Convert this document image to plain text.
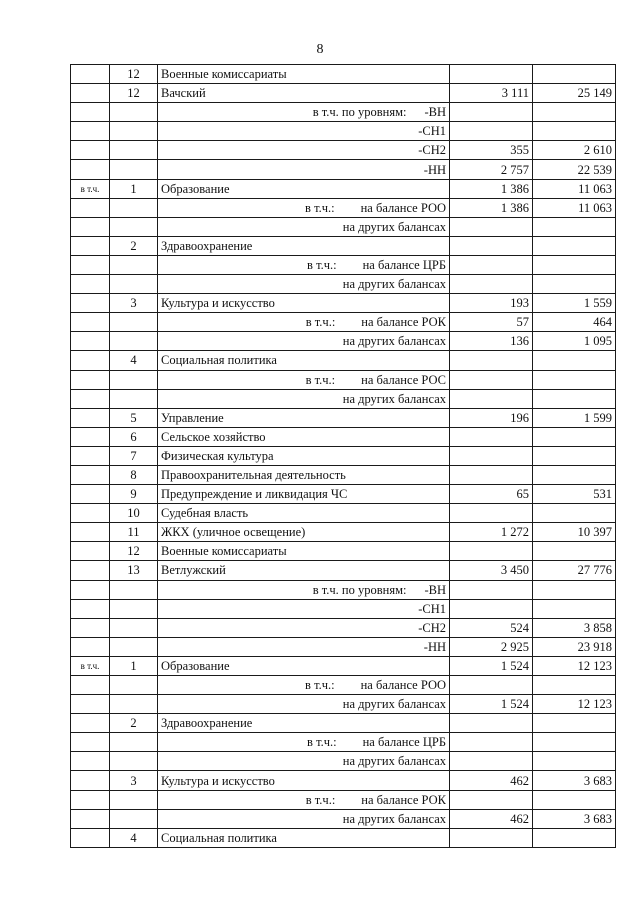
8
	12	Военные комиссариаты		
	12	Вачский	3 111	25 149

		в т.ч. по уровням: -ВН		

		-СН1		

		-СН2	355	2 610

		-НН	2 757	22 539
в т.ч.	1	Образование	1 386	11 063

		в т.ч.: на балансе РОО	1 386	11 063

		на других балансах		

	2	Здравоохранение		

		в т.ч.: на балансе ЦРБ		

		на других балансах		

	3	Культура и искусство	193	1 559

		в т.ч.: на балансе РОК	57	464

		на других балансах	136	1 095
	4	Социальная политика		

		в т.ч.: на балансе РОС		

		на других балансах		

	5	Управление	196	1 599
	6	Сельское хозяйство		
	7	Физическая культура		
	8	Правоохранительная деятельность		
	9	Предупреждение и ликвидация ЧС	65	531
	10	Судебная власть		
	11	ЖКХ (уличное освещение)	1 272	10 397
	12	Военные комиссариаты		
	13	Ветлужский	3 450	27 776

		в т.ч. по уровням: -ВН		

		-СН1		

		-СН2	524	3 858

		-НН	2 925	23 918
в т.ч.	1	Образование	1 524	12 123

		в т.ч.: на балансе РОО		

		на других балансах	1 524	12 123
	2	Здравоохранение		

		в т.ч.: на балансе ЦРБ		

		на других балансах		

	3	Культура и искусство	462	3 683

		в т.ч.: на балансе РОК		

		на других балансах	462	3 683
	4	Социальная политика		
